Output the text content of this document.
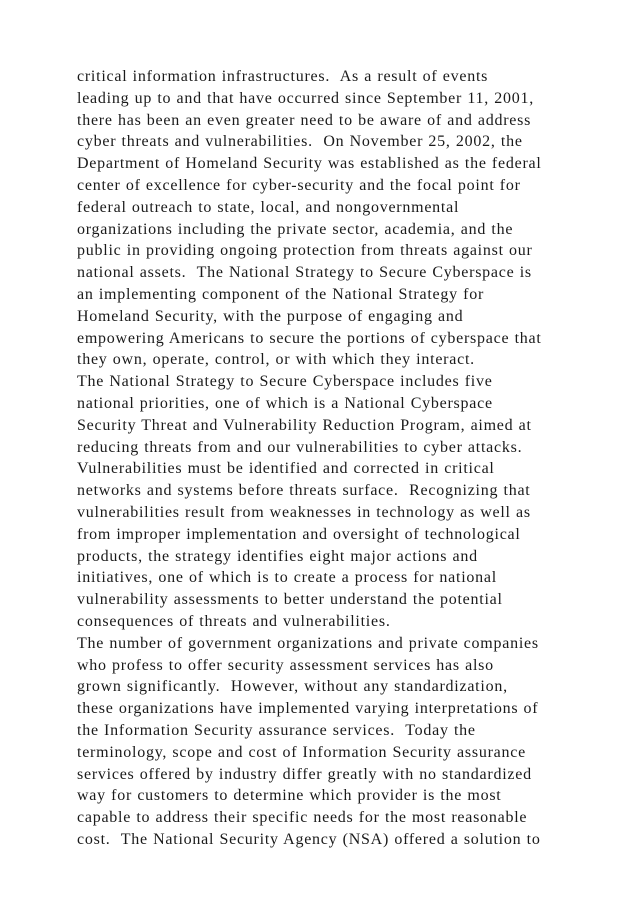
critical information infrastructures.  As a result of events
leading up to and that have occurred since September 11, 2001,
there has been an even greater need to be aware of and address
cyber threats and vulnerabilities.  On November 25, 2002, the
Department of Homeland Security was established as the federal
center of excellence for cyber-security and the focal point for
federal outreach to state, local, and nongovernmental
organizations including the private sector, academia, and the
public in providing ongoing protection from threats against our
national assets.  The National Strategy to Secure Cyberspace is
an implementing component of the National Strategy for
Homeland Security, with the purpose of engaging and
empowering Americans to secure the portions of cyberspace that
they own, operate, control, or with which they interact.
The National Strategy to Secure Cyberspace includes five
national priorities, one of which is a National Cyberspace
Security Threat and Vulnerability Reduction Program, aimed at
reducing threats from and our vulnerabilities to cyber attacks.
Vulnerabilities must be identified and corrected in critical
networks and systems before threats surface.  Recognizing that
vulnerabilities result from weaknesses in technology as well as
from improper implementation and oversight of technological
products, the strategy identifies eight major actions and
initiatives, one of which is to create a process for national
vulnerability assessments to better understand the potential
consequences of threats and vulnerabilities.
The number of government organizations and private companies
who profess to offer security assessment services has also
grown significantly.  However, without any standardization,
these organizations have implemented varying interpretations of
the Information Security assurance services.  Today the
terminology, scope and cost of Information Security assurance
services offered by industry differ greatly with no standardized
way for customers to determine which provider is the most
capable to address their specific needs for the most reasonable
cost.  The National Security Agency (NSA) offered a solution to
